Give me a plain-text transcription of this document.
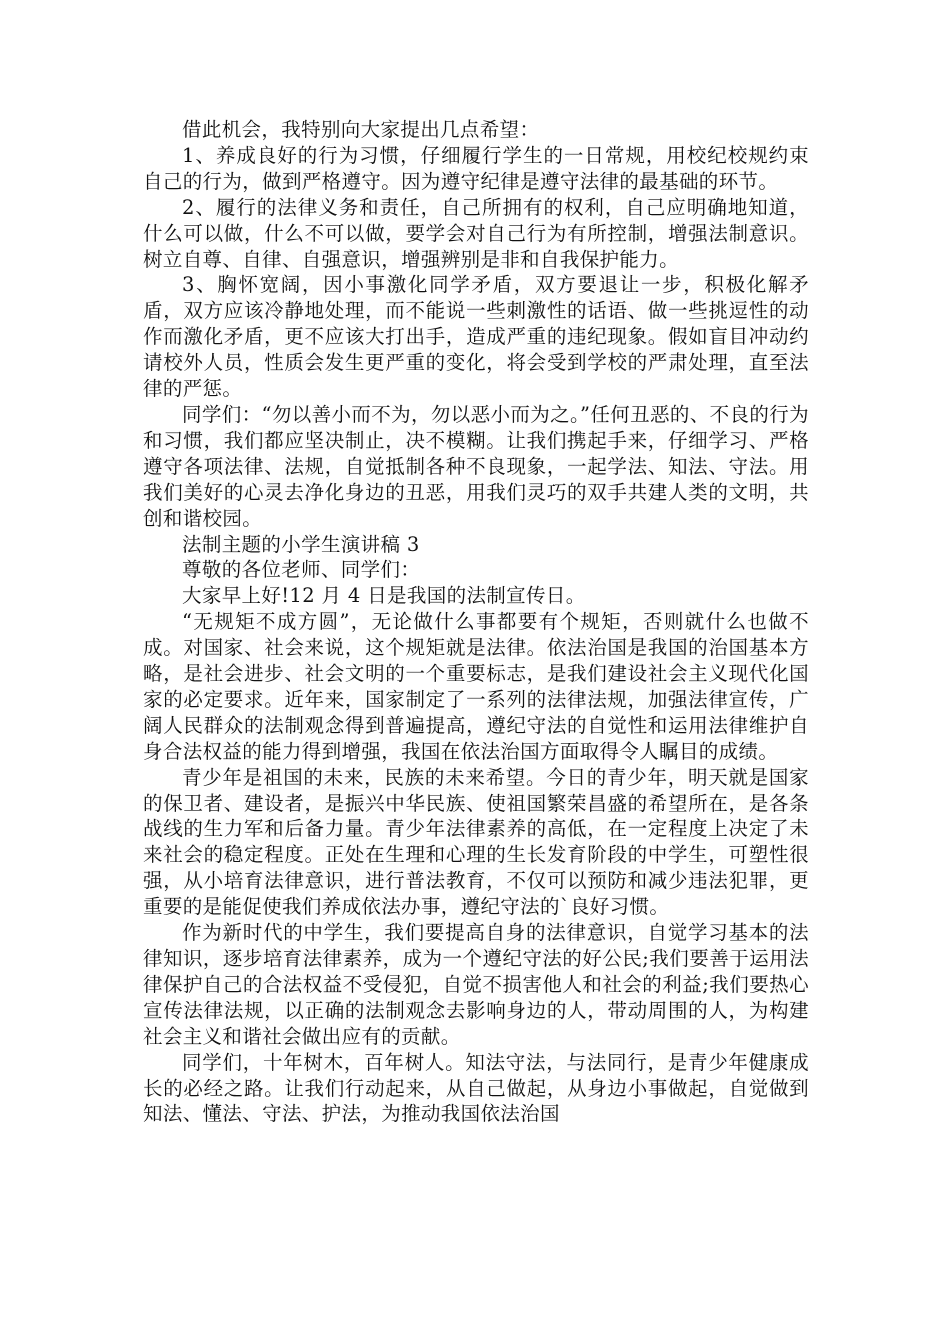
借此机会，我特别向大家提出几点希望：

1、养成良好的行为习惯，仔细履行学生的一日常规，用校纪校规约束自己的行为，做到严格遵守。因为遵守纪律是遵守法律的最基础的环节。

2、履行的法律义务和责任，自己所拥有的权利，自己应明确地知道，什么可以做，什么不可以做，要学会对自己行为有所控制，增强法制意识。树立自尊、自律、自强意识，增强辨别是非和自我保护能力。

3、胸怀宽阔，因小事激化同学矛盾，双方要退让一步，积极化解矛盾，双方应该冷静地处理，而不能说一些刺激性的话语、做一些挑逗性的动作而激化矛盾，更不应该大打出手，造成严重的违纪现象。假如盲目冲动约请校外人员，性质会发生更严重的变化，将会受到学校的严肃处理，直至法律的严惩。

同学们：“勿以善小而不为，勿以恶小而为之。”任何丑恶的、不良的行为和习惯，我们都应坚决制止，决不模糊。让我们携起手来，仔细学习、严格遵守各项法律、法规，自觉抵制各种不良现象，一起学法、知法、守法。用我们美好的心灵去净化身边的丑恶，用我们灵巧的双手共建人类的文明，共创和谐校园。

法制主题的小学生演讲稿 3

尊敬的各位老师、同学们：

大家早上好!12 月 4 日是我国的法制宣传日。

“无规矩不成方圆”，无论做什么事都要有个规矩，否则就什么也做不成。对国家、社会来说，这个规矩就是法律。依法治国是我国的治国基本方略，是社会进步、社会文明的一个重要标志，是我们建设社会主义现代化国家的必定要求。近年来，国家制定了一系列的法律法规，加强法律宣传，广阔人民群众的法制观念得到普遍提高，遵纪守法的自觉性和运用法律维护自身合法权益的能力得到增强，我国在依法治国方面取得令人瞩目的成绩。

青少年是祖国的未来，民族的未来希望。今日的青少年，明天就是国家的保卫者、建设者，是振兴中华民族、使祖国繁荣昌盛的希望所在，是各条战线的生力军和后备力量。青少年法律素养的高低，在一定程度上决定了未来社会的稳定程度。正处在生理和心理的生长发育阶段的中学生，可塑性很强，从小培育法律意识，进行普法教育，不仅可以预防和减少违法犯罪，更重要的是能促使我们养成依法办事，遵纪守法的`良好习惯。

作为新时代的中学生，我们要提高自身的法律意识，自觉学习基本的法律知识，逐步培育法律素养，成为一个遵纪守法的好公民;我们要善于运用法律保护自己的合法权益不受侵犯，自觉不损害他人和社会的利益;我们要热心宣传法律法规，以正确的法制观念去影响身边的人，带动周围的人，为构建社会主义和谐社会做出应有的贡献。

同学们，十年树木，百年树人。知法守法，与法同行，是青少年健康成长的必经之路。让我们行动起来，从自己做起，从身边小事做起，自觉做到知法、懂法、守法、护法，为推动我国依法治国
